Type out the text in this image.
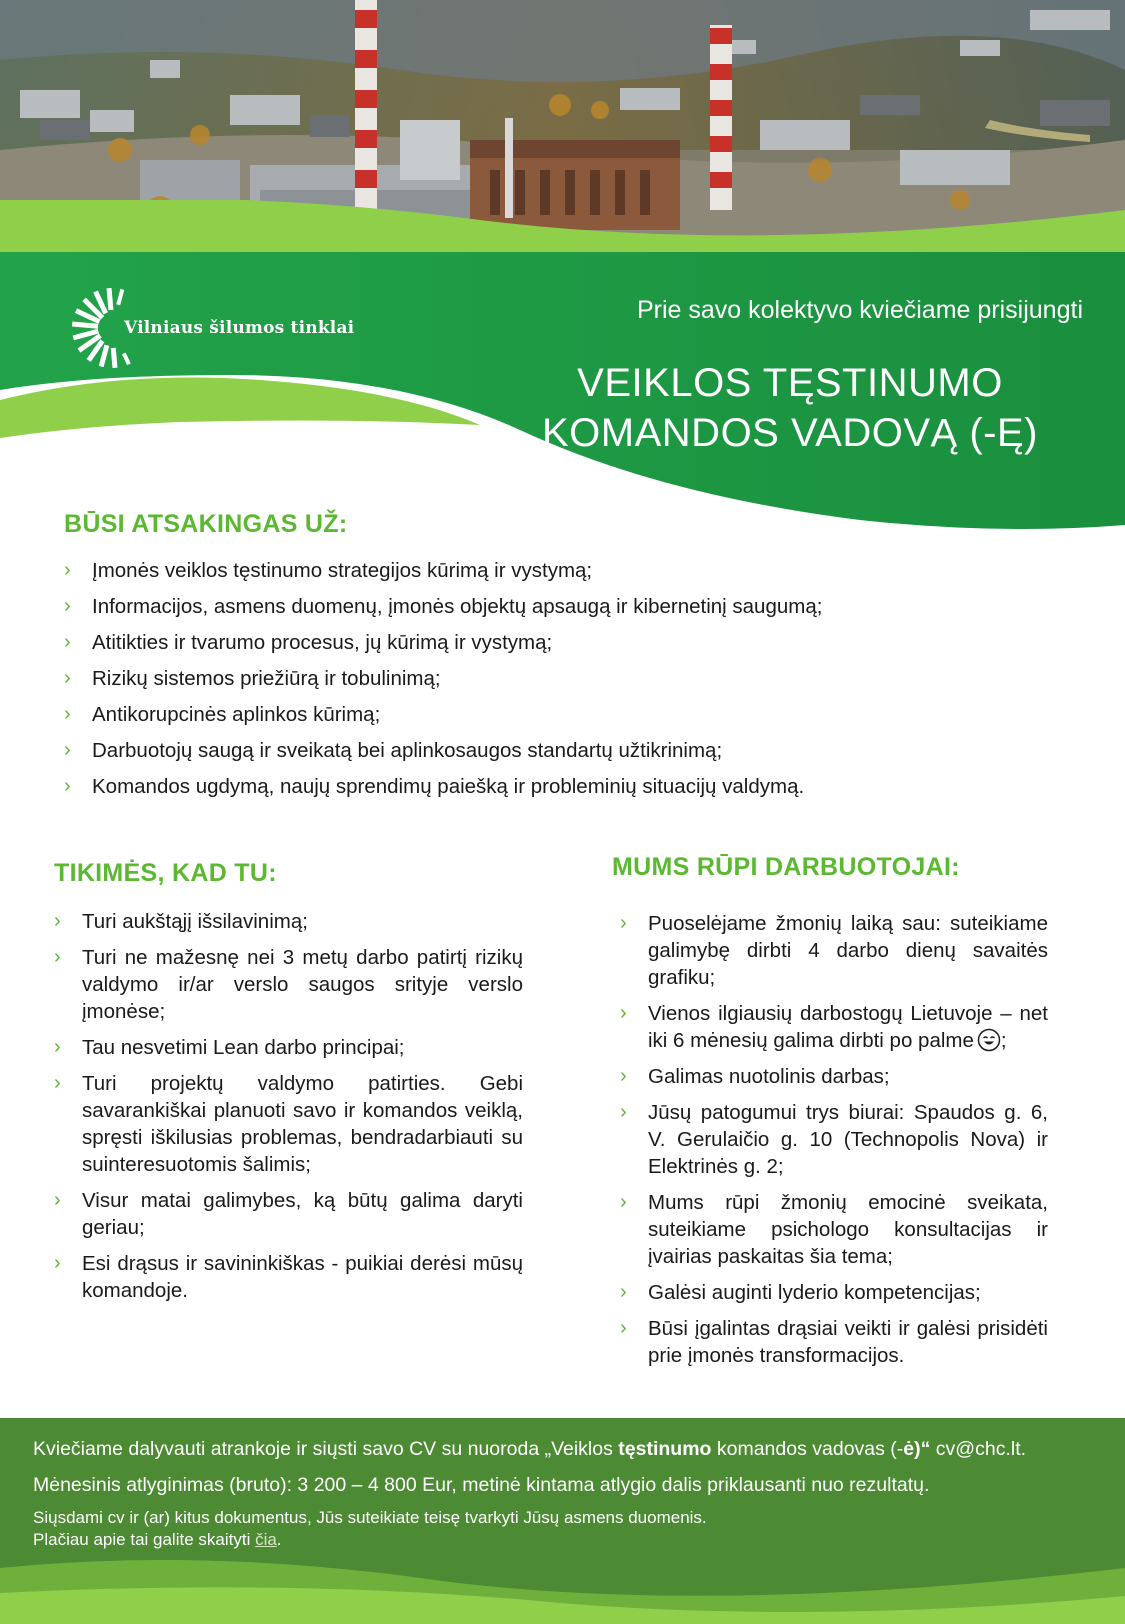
Vilniaus šilumos tinklai
Prie savo kolektyvo kviečiame prisijungti
VEIKLOS TĘSTINUMO
KOMANDOS VADOVĄ (-Ę)
BŪSI ATSAKINGAS UŽ:
› Įmonės veiklos tęstinumo strategijos kūrimą ir vystymą;
› Informacijos, asmens duomenų, įmonės objektų apsaugą ir kibernetinį saugumą;
› Atitikties ir tvarumo procesus, jų kūrimą ir vystymą;
› Rizikų sistemos priežiūrą ir tobulinimą;
› Antikorupcinės aplinkos kūrimą;
› Darbuotojų saugą ir sveikatą bei aplinkosaugos standartų užtikrinimą;
› Komandos ugdymą, naujų sprendimų paiešką ir probleminių situacijų valdymą.
TIKIMĖS, KAD TU:
› Turi aukštąjį išsilavinimą;
› Turi ne mažesnę nei 3 metų darbo patirtį rizikų valdymo ir/ar verslo saugos srityje verslo įmonėse;
› Tau nesvetimi Lean darbo principai;
› Turi projektų valdymo patirties. Gebi savarankiškai planuoti savo ir komandos veiklą, spręsti iškilusias problemas, bendradarbiauti su suinteresuotomis šalimis;
› Visur matai galimybes, ką būtų galima daryti geriau;
› Esi drąsus ir savininkiškas - puikiai derėsi mūsų komandoje.
MUMS RŪPI DARBUOTOJAI:
› Puoselėjame žmonių laiką sau: suteikiame galimybę dirbti 4 darbo dienų savaitės grafiku;
› Vienos ilgiausių darbostogų Lietuvoje – net iki 6 mėnesių galima dirbti po palme ;
› Galimas nuotolinis darbas;
› Jūsų patogumui trys biurai: Spaudos g. 6, V. Gerulaičio g. 10 (Technopolis Nova) ir Elektrinės g. 2;
› Mums rūpi žmonių emocinė sveikata, suteikiame psichologo konsultacijas ir įvairias paskaitas šia tema;
› Galėsi auginti lyderio kompetencijas;
› Būsi įgalintas drąsiai veikti ir galėsi prisidėti prie įmonės transformacijos.
Kviečiame dalyvauti atrankoje ir siųsti savo CV su nuoroda „Veiklos tęstinumo komandos vadovas (-ė)“ cv@chc.lt.
Mėnesinis atlyginimas (bruto): 3 200 – 4 800 Eur, metinė kintama atlygio dalis priklausanti nuo rezultatų.
Siųsdami cv ir (ar) kitus dokumentus, Jūs suteikiate teisę tvarkyti Jūsų asmens duomenis.
Plačiau apie tai galite skaityti čia.
